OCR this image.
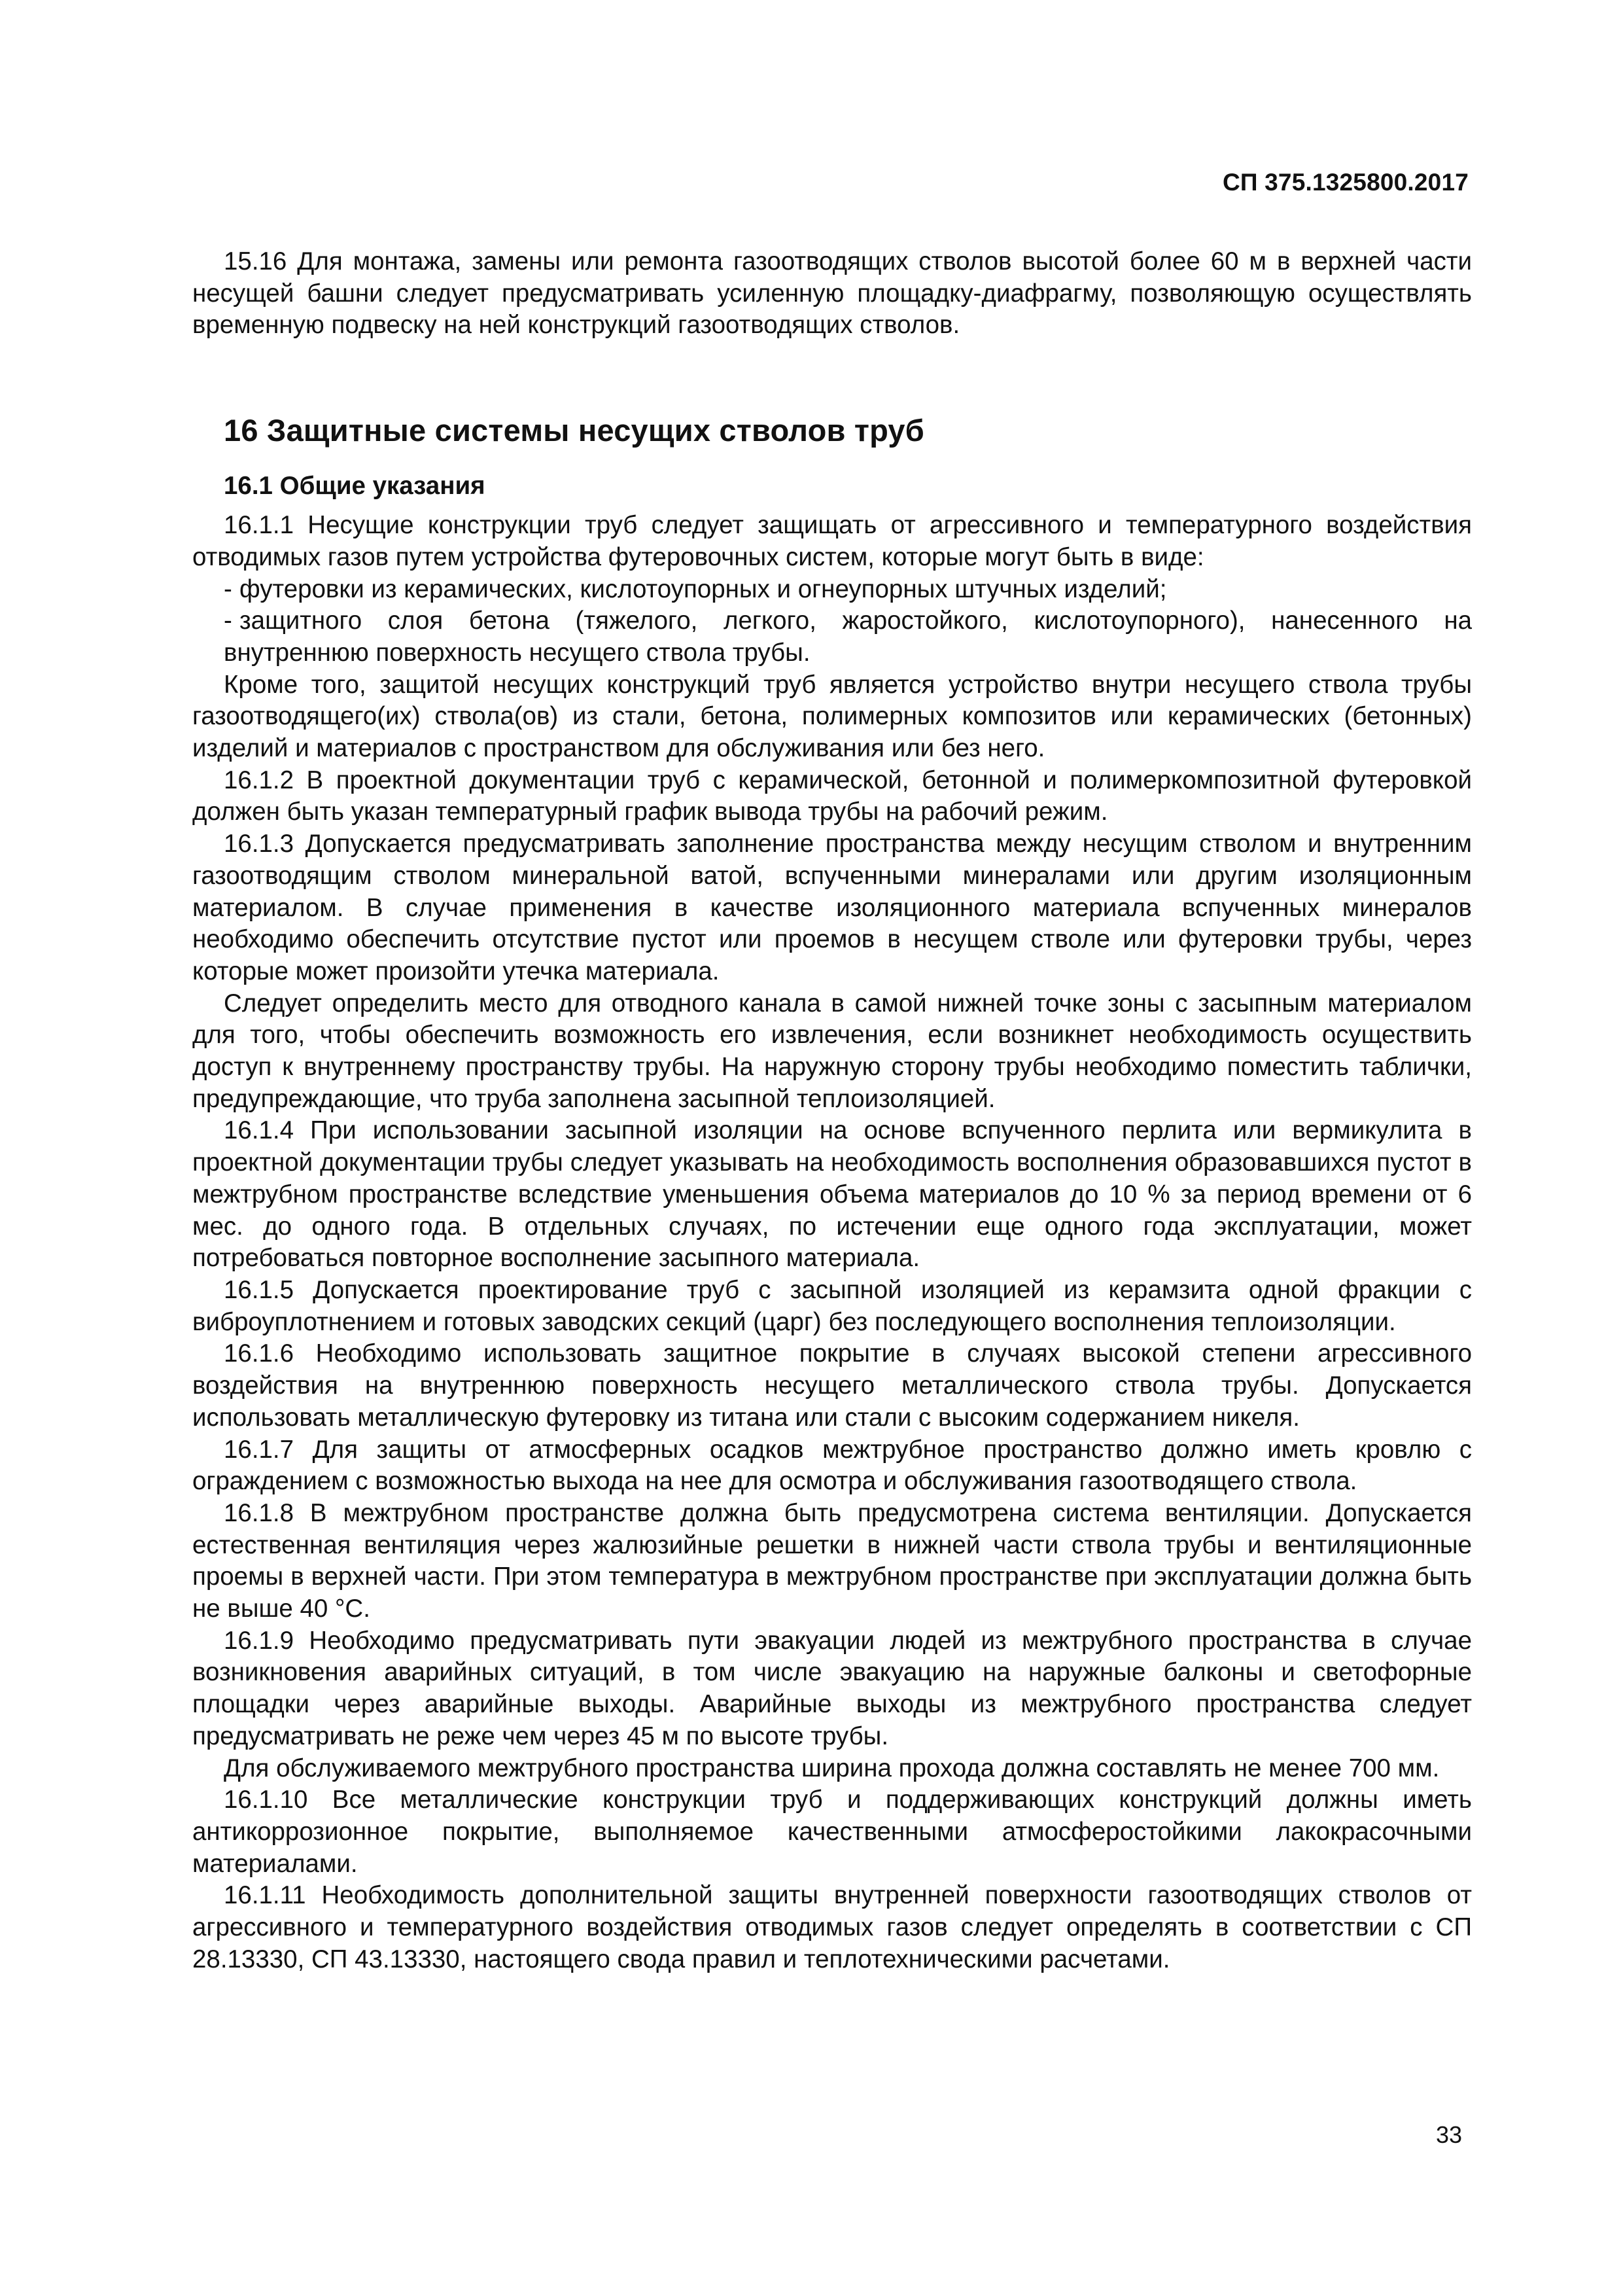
СП 375.1325800.2017

15.16 Для монтажа, замены или ремонта газоотводящих стволов высотой более 60 м в верхней части несущей башни следует предусматривать усиленную площадку-диафрагму, позволяющую осуществлять временную подвеску на ней конструкций газоотводящих стволов.

16 Защитные системы несущих стволов труб
16.1 Общие указания

16.1.1 Несущие конструкции труб следует защищать от агрессивного и температурного воздействия отводимых газов путем устройства футеровочных систем, которые могут быть в виде:

- футеровки из керамических, кислотоупорных и огнеупорных штучных изделий;

- защитного слоя бетона (тяжелого, легкого, жаростойкого, кислотоупорного), нанесенного на внутреннюю поверхность несущего ствола трубы.

Кроме того, защитой несущих конструкций труб является устройство внутри несущего ствола трубы газоотводящего(их) ствола(ов) из стали, бетона, полимерных композитов или керамических (бетонных) изделий и материалов с пространством для обслуживания или без него.

16.1.2 В проектной документации труб с керамической, бетонной и полимеркомпозитной футеровкой должен быть указан температурный график вывода трубы на рабочий режим.

16.1.3 Допускается предусматривать заполнение пространства между несущим стволом и внутренним газоотводящим стволом минеральной ватой, вспученными минералами или другим изоляционным материалом. В случае применения в качестве изоляционного материала вспученных минералов необходимо обеспечить отсутствие пустот или проемов в несущем стволе или футеровки трубы, через которые может произойти утечка материала.

Следует определить место для отводного канала в самой нижней точке зоны с засыпным материалом для того, чтобы обеспечить возможность его извлечения, если возникнет необходимость осуществить доступ к внутреннему пространству трубы. На наружную сторону трубы необходимо поместить таблички, предупреждающие, что труба заполнена засыпной теплоизоляцией.

16.1.4 При использовании засыпной изоляции на основе вспученного перлита или вермикулита в проектной документации трубы следует указывать на необходимость восполнения образовавшихся пустот в межтрубном пространстве вследствие уменьшения объема материалов до 10 % за период времени от 6 мес. до одного года. В отдельных случаях, по истечении еще одного года эксплуатации, может потребоваться повторное восполнение засыпного материала.

16.1.5 Допускается проектирование труб с засыпной изоляцией из керамзита одной фракции с виброуплотнением и готовых заводских секций (царг) без последующего восполнения теплоизоляции.

16.1.6 Необходимо использовать защитное покрытие в случаях высокой степени агрессивного воздействия на внутреннюю поверхность несущего металлического ствола трубы. Допускается использовать металлическую футеровку из титана или стали с высоким содержанием никеля.

16.1.7 Для защиты от атмосферных осадков межтрубное пространство должно иметь кровлю с ограждением с возможностью выхода на нее для осмотра и обслуживания газоотводящего ствола.

16.1.8 В межтрубном пространстве должна быть предусмотрена система вентиляции. Допускается естественная вентиляция через жалюзийные решетки в нижней части ствола трубы и вентиляционные проемы в верхней части. При этом температура в межтрубном пространстве при эксплуатации должна быть не выше 40 °С.

16.1.9 Необходимо предусматривать пути эвакуации людей из межтрубного пространства в случае возникновения аварийных ситуаций, в том числе эвакуацию на наружные балконы и светофорные площадки через аварийные выходы. Аварийные выходы из межтрубного пространства следует предусматривать не реже чем через 45 м по высоте трубы.

Для обслуживаемого межтрубного пространства ширина прохода должна составлять не менее 700 мм.

16.1.10 Все металлические конструкции труб и поддерживающих конструкций должны иметь антикоррозионное покрытие, выполняемое качественными атмосферостойкими лакокрасочными материалами.

16.1.11 Необходимость дополнительной защиты внутренней поверхности газоотводящих стволов от агрессивного и температурного воздействия отводимых газов следует определять в соответствии с СП 28.13330, СП 43.13330, настоящего свода правил и теплотехническими расчетами.

33
